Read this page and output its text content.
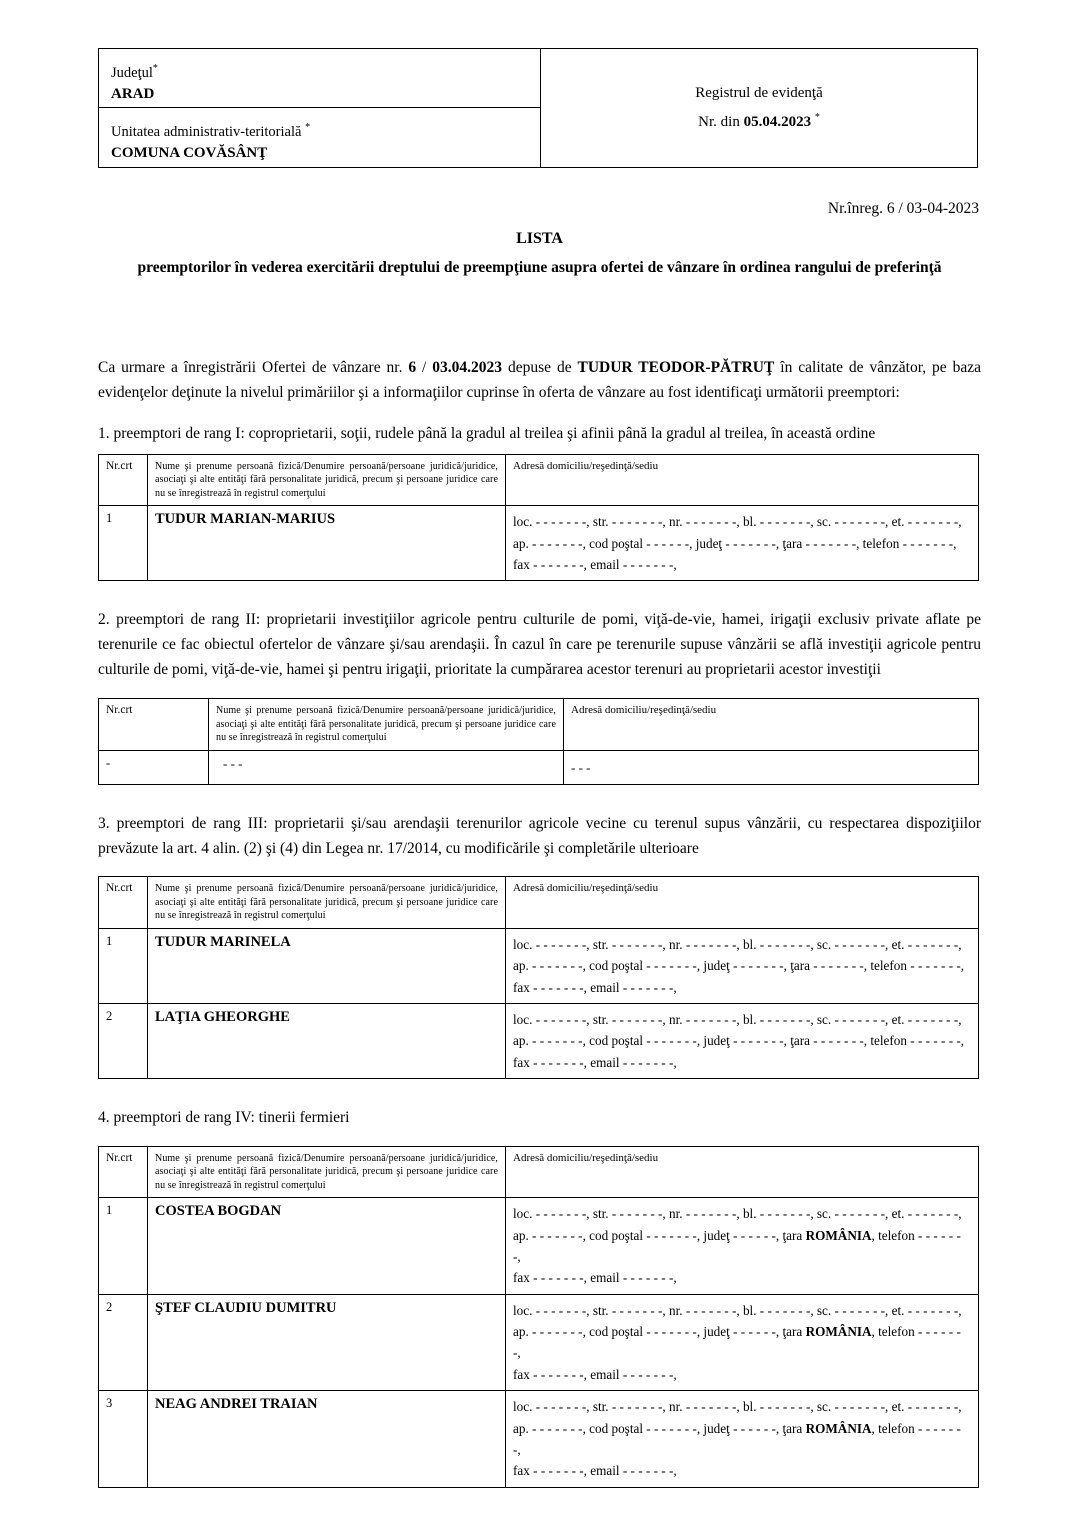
Judeţul*
ARAD
Unitatea administrativ-teritorială *
COMUNA COVĂSÂNŢ
Registrul de evidenţă
Nr. din 05.04.2023 *
Nr.înreg. 6 / 03-04-2023
LISTA
preemptorilor în vederea exercitării dreptului de preempţiune asupra ofertei de vânzare în ordinea rangului de preferinţă

Ca urmare a înregistrării Ofertei de vânzare nr. 6 / 03.04.2023 depuse de TUDUR TEODOR-PĂTRUŢ în calitate de vânzător, pe baza evidenţelor deţinute la nivelul primăriilor şi a informaţiilor cuprinse în oferta de vânzare au fost identificaţi următorii preemptori:

1. preemptori de rang I: coproprietarii, soţii, rudele până la gradul al treilea şi afinii până la gradul al treilea, în această ordine
Nr.crt	Nume şi prenume persoană fizică/Denumire persoană/persoane juridică/juridice, asociaţi şi alte entităţi fără personalitate juridică, precum şi persoane juridice care nu se înregistrează în registrul comerţului	Adresă domiciliu/reşedinţă/sediu
1	TUDUR MARIAN-MARIUS	loc. - - - - - - -, str. - - - - - - -, nr. - - - - - - -, bl. - - - - - - -, sc. - - - - - - -, et. - - - - - - -,
ap. - - - - - - -, cod poştal - - - - - -, judeţ - - - - - - -, ţara - - - - - - -, telefon - - - - - - -,
fax - - - - - - -, email - - - - - - -,

2. preemptori de rang II: proprietarii investiţiilor agricole pentru culturile de pomi, viţă-de-vie, hamei, irigaţii exclusiv private aflate pe terenurile ce fac obiectul ofertelor de vânzare şi/sau arendaşii. În cazul în care pe terenurile supuse vânzării se află investiţii agricole pentru culturile de pomi, viţă-de-vie, hamei şi pentru irigaţii, prioritate la cumpărarea acestor terenuri au proprietarii acestor investiţii

Nr.crt	Nume şi prenume persoană fizică/Denumire persoană/persoane juridică/juridice, asociaţi şi alte entităţi fără personalitate juridică, precum şi persoane juridice care nu se înregistrează în registrul comerţului	Adresă domiciliu/reşedinţă/sediu
-	- - -	- - -

3. preemptori de rang III: proprietarii şi/sau arendaşii terenurilor agricole vecine cu terenul supus vânzării, cu respectarea dispoziţiilor prevăzute la art. 4 alin. (2) şi (4) din Legea nr. 17/2014, cu modificările şi completările ulterioare

Nr.crt	Nume şi prenume persoană fizică/Denumire persoană/persoane juridică/juridice, asociaţi şi alte entităţi fără personalitate juridică, precum şi persoane juridice care nu se înregistrează în registrul comerţului	Adresă domiciliu/reşedinţă/sediu
1	TUDUR MARINELA	loc. - - - - - - -, str. - - - - - - -, nr. - - - - - - -, bl. - - - - - - -, sc. - - - - - - -, et. - - - - - - -,
ap. - - - - - - -, cod poştal - - - - - - -, judeţ - - - - - - -, ţara - - - - - - -, telefon - - - - - - -,
fax - - - - - - -, email - - - - - - -,

2	LAŢIA GHEORGHE	loc. - - - - - - -, str. - - - - - - -, nr. - - - - - - -, bl. - - - - - - -, sc. - - - - - - -, et. - - - - - - -,
ap. - - - - - - -, cod poştal - - - - - - -, judeţ - - - - - - -, ţara - - - - - - -, telefon - - - - - - -,
fax - - - - - - -, email - - - - - - -,

4. preemptori de rang IV: tinerii fermieri

Nr.crt	Nume şi prenume persoană fizică/Denumire persoană/persoane juridică/juridice, asociaţi şi alte entităţi fără personalitate juridică, precum şi persoane juridice care nu se înregistrează în registrul comerţului	Adresă domiciliu/reşedinţă/sediu
1	COSTEA BOGDAN	loc. - - - - - - -, str. - - - - - - -, nr. - - - - - - -, bl. - - - - - - -, sc. - - - - - - -, et. - - - - - - -,
ap. - - - - - - -, cod poştal - - - - - - -, judeţ - - - - - -, ţara ROMÂNIA, telefon - - - - - - -,
fax - - - - - - -, email - - - - - - -,

2	ŞTEF CLAUDIU DUMITRU	loc. - - - - - - -, str. - - - - - - -, nr. - - - - - - -, bl. - - - - - - -, sc. - - - - - - -, et. - - - - - - -,
ap. - - - - - - -, cod poştal - - - - - - -, judeţ - - - - - -, ţara ROMÂNIA, telefon - - - - - - -,
fax - - - - - - -, email - - - - - - -,

3	NEAG ANDREI TRAIAN	loc. - - - - - - -, str. - - - - - - -, nr. - - - - - - -, bl. - - - - - - -, sc. - - - - - - -, et. - - - - - - -,
ap. - - - - - - -, cod poştal - - - - - - -, judeţ - - - - - -, ţara ROMÂNIA, telefon - - - - - - -,
fax - - - - - - -, email - - - - - - -,
